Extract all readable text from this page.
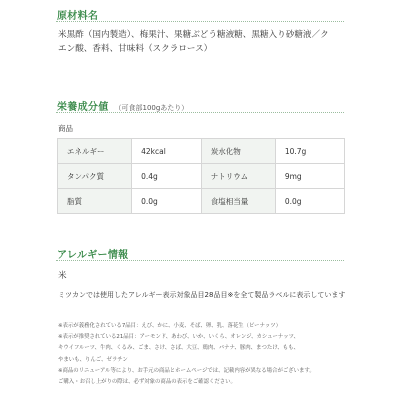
原材料名
米黒酢（国内製造）、梅果汁、果糖ぶどう糖液糖、黒糖入り砂糖液／ク
エン酸、香料、甘味料（スクラロース）
栄養成分値 （可食部100gあたり）
商品
エネルギー	42kcal	炭水化物	10.7g
タンパク質	0.4g	ナトリウム	9mg
脂質	0.0g	食塩相当量	0.0g
アレルギー情報
米
ミツカンでは使用したアレルギー表示対象品目28品目※を全て製品ラベルに表示しています
※表示が義務化されている7品目：えび、かに、小麦、そば、卵、乳、落花生（ピーナッツ）
※表示が推奨されている21品目：アーモンド、あわび、いか、いくら、オレンジ、カシューナッツ、
キウイフルーツ、牛肉、くるみ、ごま、さけ、さば、大豆、鶏肉、バナナ、豚肉、まつたけ、もも、
やまいも、りんご、ゼラチン
※商品のリニューアル等により、お手元の商品とホームページでは、記載内容が異なる場合がございます。
ご購入・お召し上がりの際は、必ず対象の商品の表示をご確認ください。
